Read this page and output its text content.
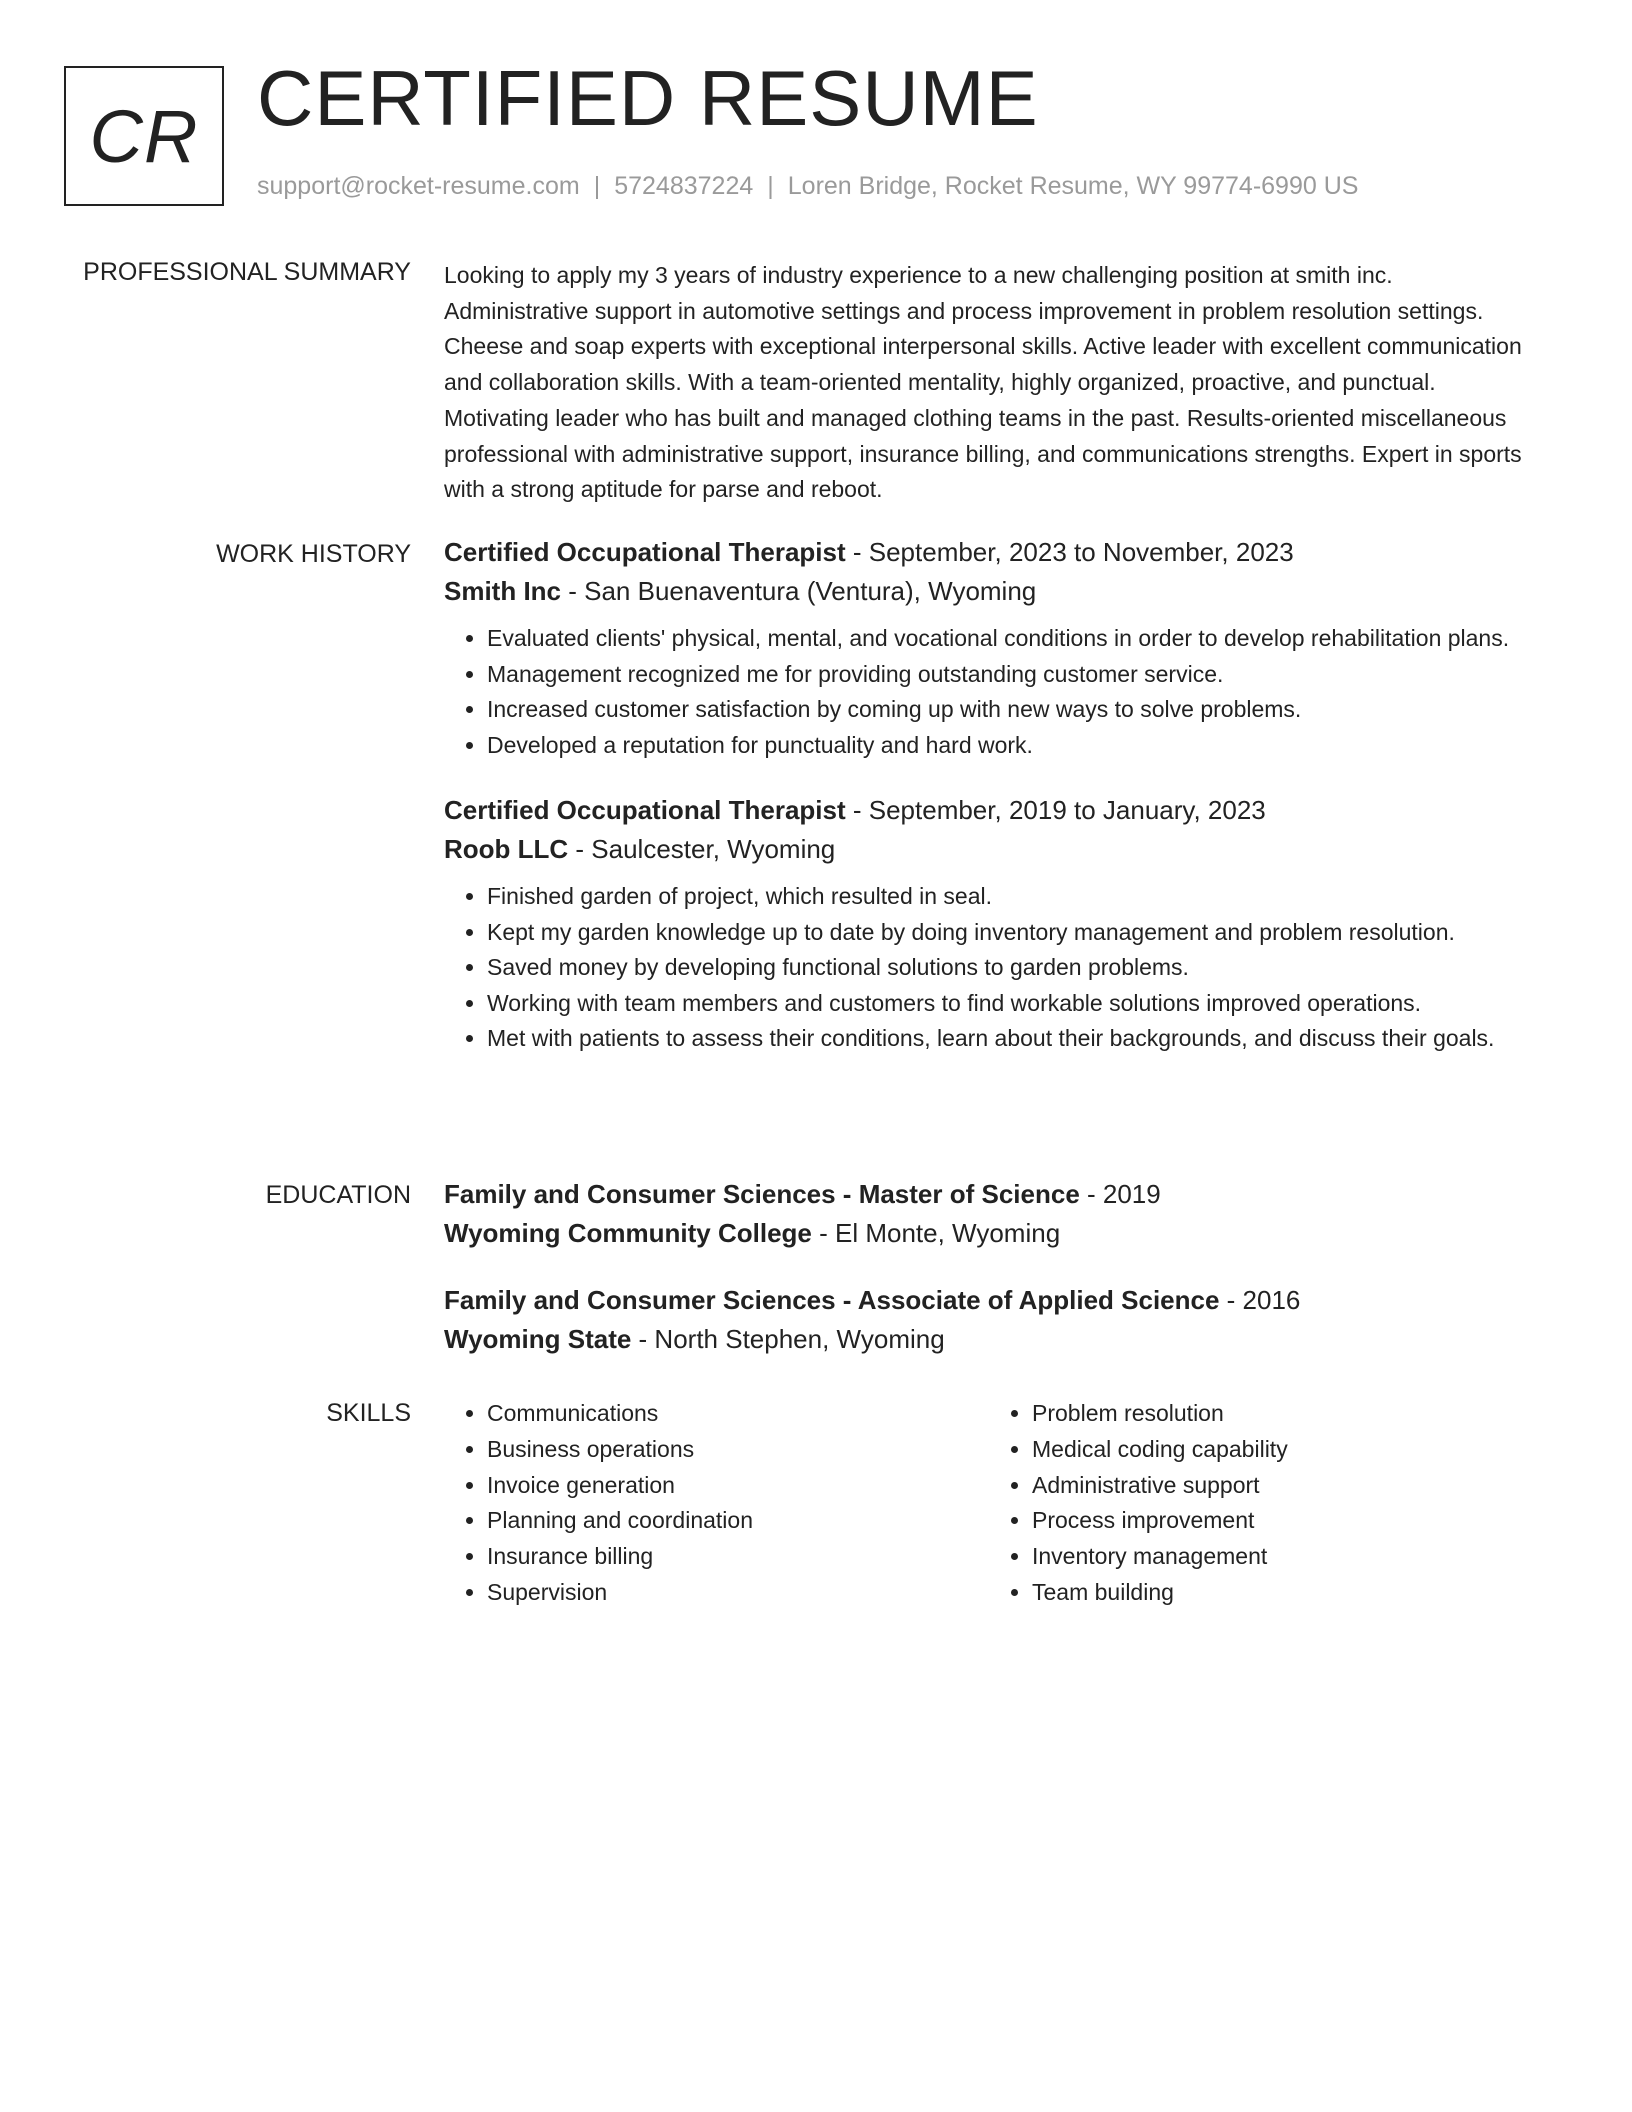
CR CERTIFIED RESUME
support@rocket-resume.com | 5724837224 | Loren Bridge, Rocket Resume, WY 99774-6990 US
PROFESSIONAL SUMMARY Looking to apply my 3 years of industry experience to a new challenging position at smith inc. Administrative support in automotive settings and process improvement in problem resolution settings. Cheese and soap experts with exceptional interpersonal skills. Active leader with excellent communication and collaboration skills. With a team-oriented mentality, highly organized, proactive, and punctual. Motivating leader who has built and managed clothing teams in the past. Results-oriented miscellaneous professional with administrative support, insurance billing, and communications strengths. Expert in sports with a strong aptitude for parse and reboot.

WORK HISTORY Certified Occupational Therapist - September, 2023 to November, 2023
Smith Inc - San Buenaventura (Ventura), Wyoming
• Evaluated clients' physical, mental, and vocational conditions in order to develop rehabilitation plans.
• Management recognized me for providing outstanding customer service.
• Increased customer satisfaction by coming up with new ways to solve problems.
• Developed a reputation for punctuality and hard work.
Certified Occupational Therapist - September, 2019 to January, 2023
Roob LLC - Saulcester, Wyoming
• Finished garden of project, which resulted in seal.
• Kept my garden knowledge up to date by doing inventory management and problem resolution.
• Saved money by developing functional solutions to garden problems.
• Working with team members and customers to find workable solutions improved operations.
• Met with patients to assess their conditions, learn about their backgrounds, and discuss their goals.
EDUCATION Family and Consumer Sciences - Master of Science - 2019
Wyoming Community College - El Monte, Wyoming
Family and Consumer Sciences - Associate of Applied Science - 2016
Wyoming State - North Stephen, Wyoming
SKILLS
•	Communications
• Business operations
• Invoice generation
• Planning and coordination
• Insurance billing
• Supervision
• Problem resolution
• Medical coding capability
• Administrative support
• Process improvement
• Inventory management
• Team building
